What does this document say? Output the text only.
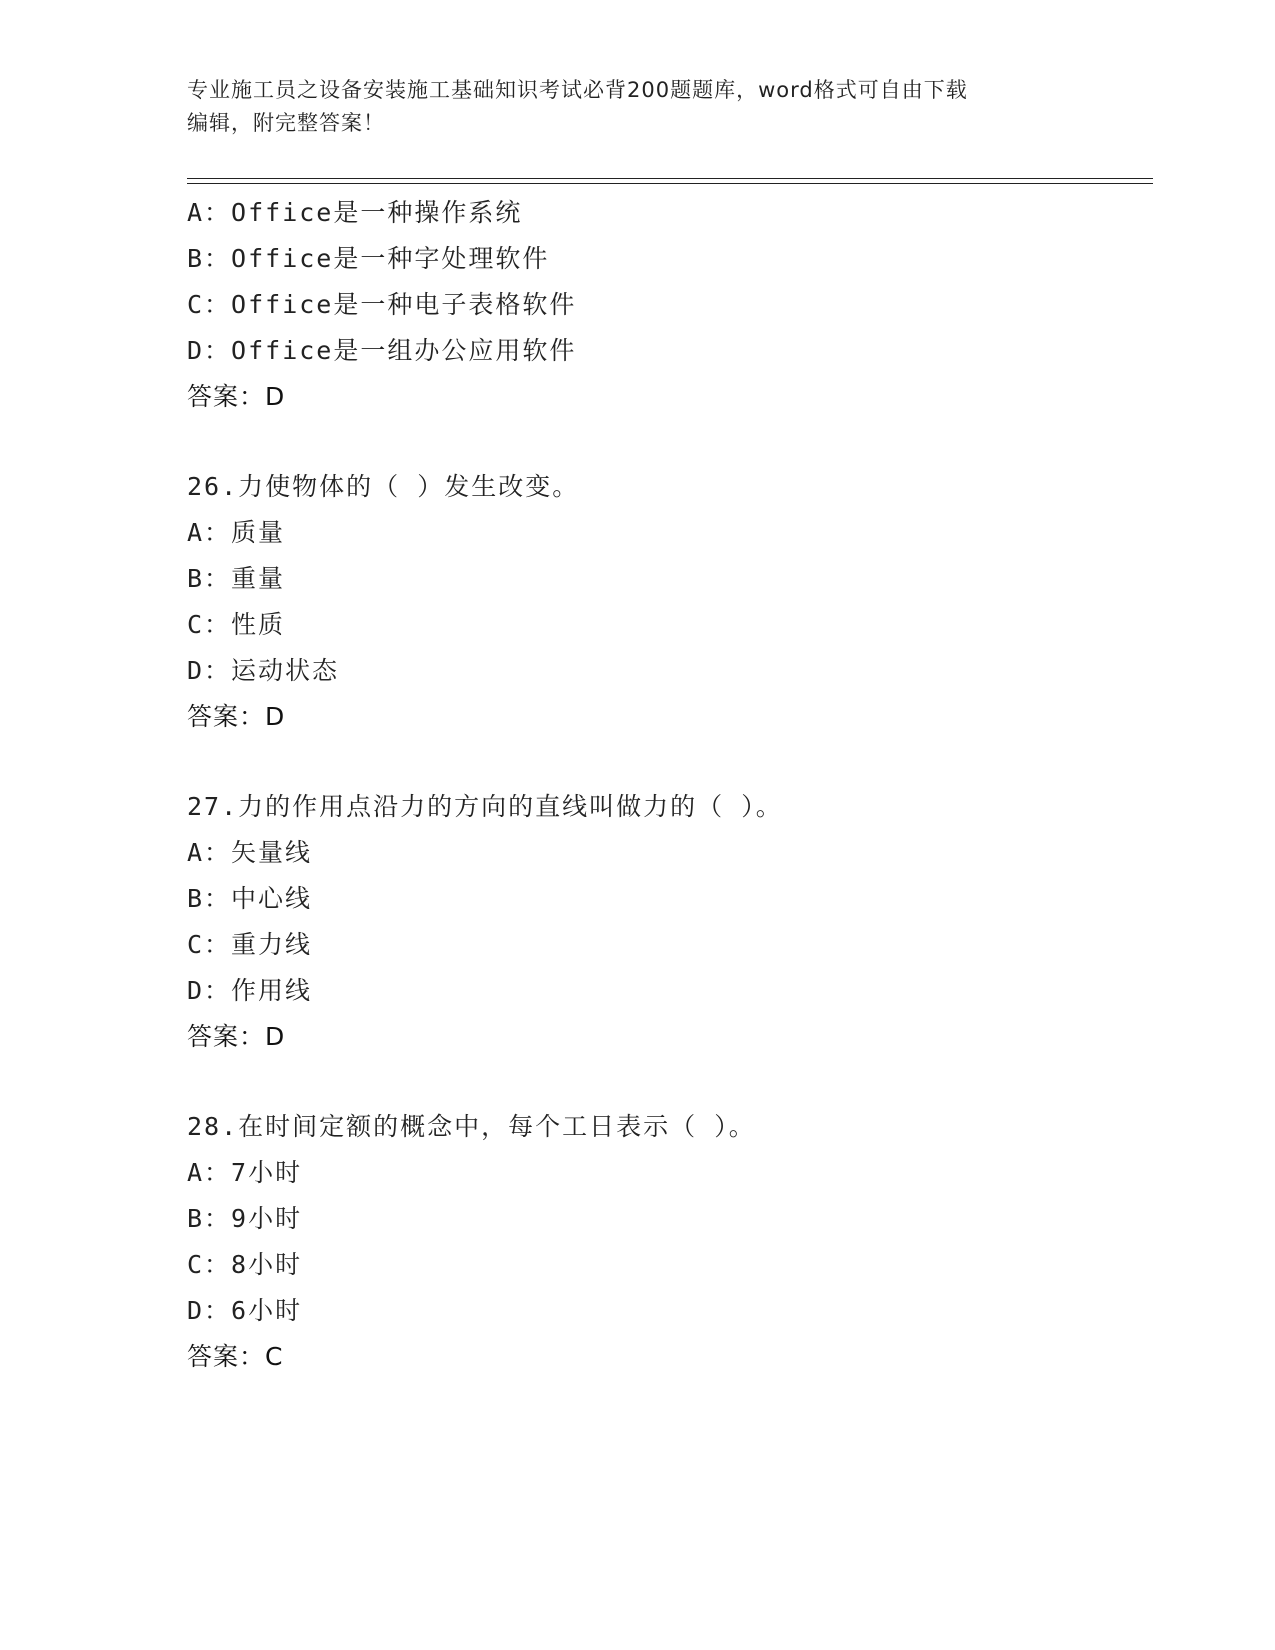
专业施工员之设备安装施工基础知识考试必背200题题库，word格式可自由下载
编辑，附完整答案！
A：Office是一种操作系统
B：Office是一种字处理软件
C：Office是一种电子表格软件
D：Office是一组办公应用软件
答案：D
26.力使物体的（ ）发生改变。
A：质量
B：重量
C：性质
D：运动状态
答案：D
27.力的作用点沿力的方向的直线叫做力的（ ）。
A：矢量线
B：中心线
C：重力线
D：作用线
答案：D
28.在时间定额的概念中，每个工日表示（ ）。
A：7小时
B：9小时
C：8小时
D：6小时
答案：C
